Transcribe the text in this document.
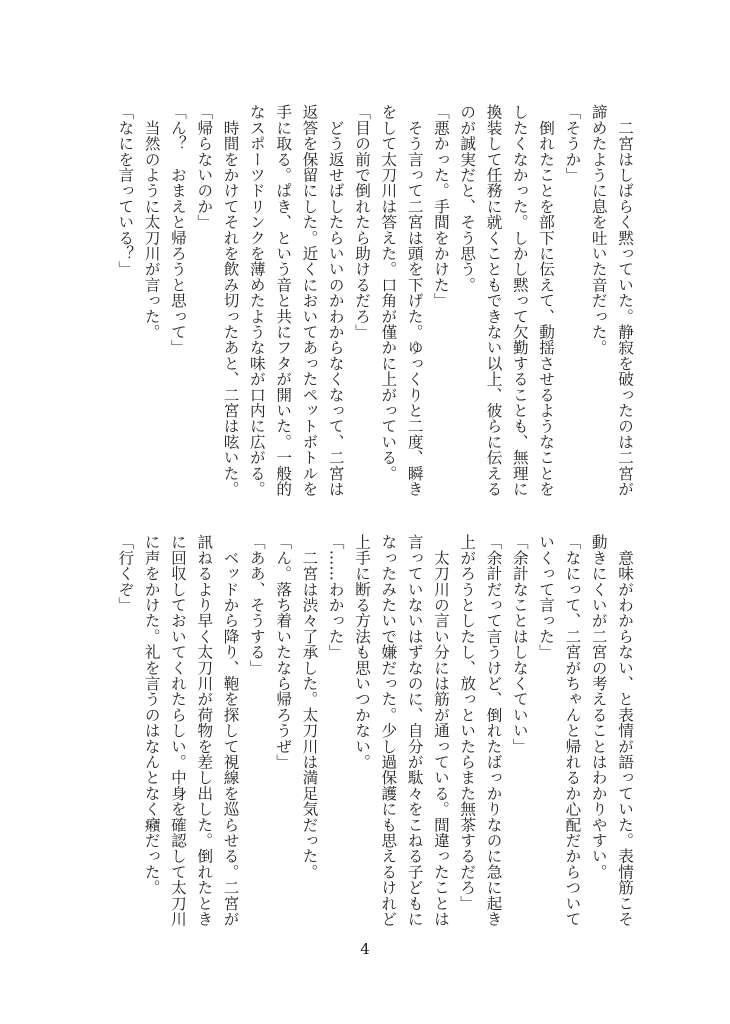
　二宮はしばらく黙っていた。静寂を破ったのは二宮が
諦めたように息を吐いた音だった。
「そうか」
　倒れたことを部下に伝えて、動揺させるようなことを
したくなかった。しかし黙って欠勤することも、無理に
換装して任務に就くこともできない以上、彼らに伝える
のが誠実だと、そう思う。
「悪かった。手間をかけた」
　そう言って二宮は頭を下げた。ゆっくりと二度、瞬き
をして太刀川は答えた。口角が僅かに上がっている。
「目の前で倒れたら助けるだろ」
　どう返せばしたらいいのかわからなくなって、二宮は
返答を保留にした。近くにおいてあったペットボトルを
手に取る。ぱき、という音と共にフタが開いた。一般的
なスポーツドリンクを薄めたような味が口内に広がる。
　時間をかけてそれを飲み切ったあと、二宮は呟いた。
「帰らないのか」
「ん？　おまえと帰ろうと思って」
　当然のように太刀川が言った。
「なにを言っている？」
　意味がわからない、と表情が語っていた。表情筋こそ
動きにくいが二宮の考えることはわかりやすい。
「なにって、二宮がちゃんと帰れるか心配だからついて
いくって言った」
「余計なことはしなくていい」
「余計だって言うけど、倒れたばっかりなのに急に起き
上がろうとしたし、放っといたらまた無茶するだろ」
　太刀川の言い分には筋が通っている。間違ったことは
言っていないはずなのに、自分が駄々をこねる子どもに
なったみたいで嫌だった。少し過保護にも思えるけれど
上手に断る方法も思いつかない。
「……わかった」
　二宮は渋々了承した。太刀川は満足気だった。
「ん。落ち着いたなら帰ろうぜ」
「ああ、そうする」
　ベッドから降り、鞄を探して視線を巡らせる。二宮が
訊ねるより早く太刀川が荷物を差し出した。倒れたとき
に回収しておいてくれたらしい。中身を確認して太刀川
に声をかけた。礼を言うのはなんとなく癪だった。
「行くぞ」
4
